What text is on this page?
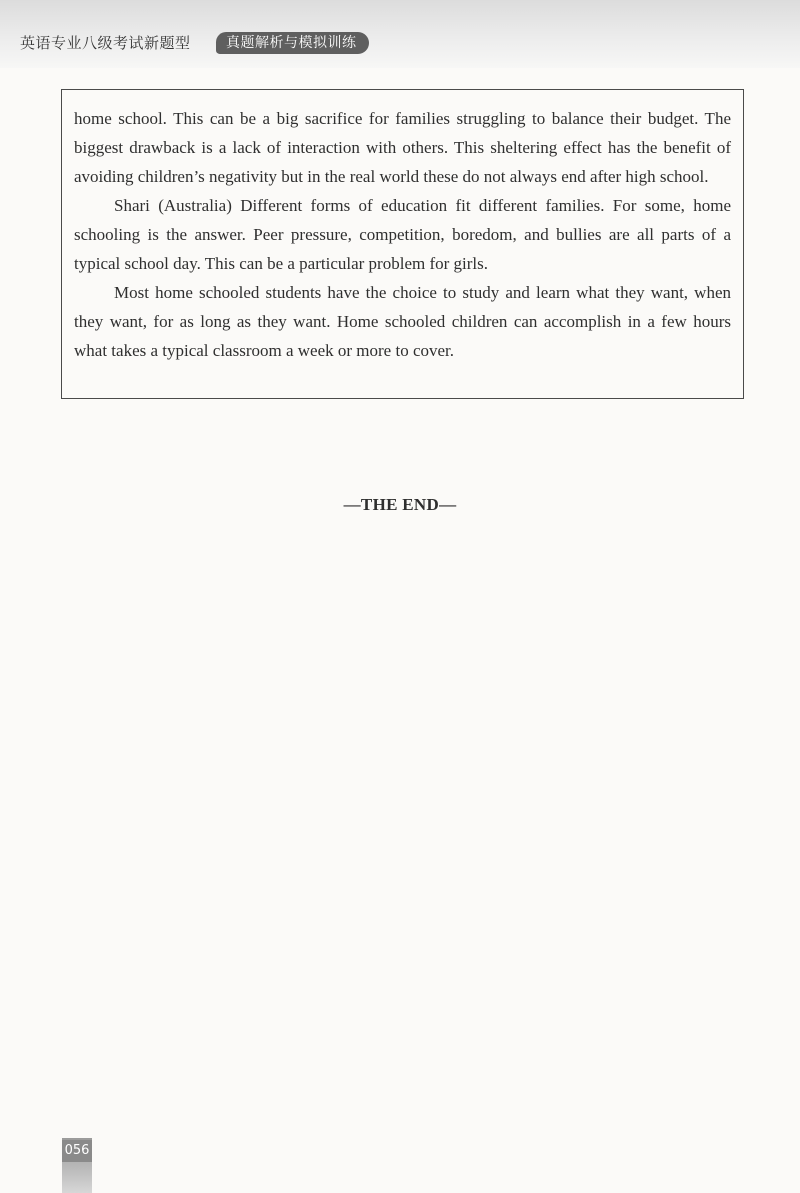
英语专业八级考试新题型	真题解析与模拟训练

home school. This can be a big sacrifice for families struggling to balance their budget. The biggest drawback is a lack of interaction with others. This sheltering effect has the benefit of avoiding children’s negativity but in the real world these do not always end after high school.

Shari (Australia) Different forms of education fit different families. For some, home schooling is the answer. Peer pressure, competition, boredom, and bullies are all parts of a typical school day. This can be a particular problem for girls.

Most home schooled students have the choice to study and learn what they want, when they want, for as long as they want. Home schooled children can accomplish in a few hours what takes a typical classroom a week or more to cover.

—THE END—
056
